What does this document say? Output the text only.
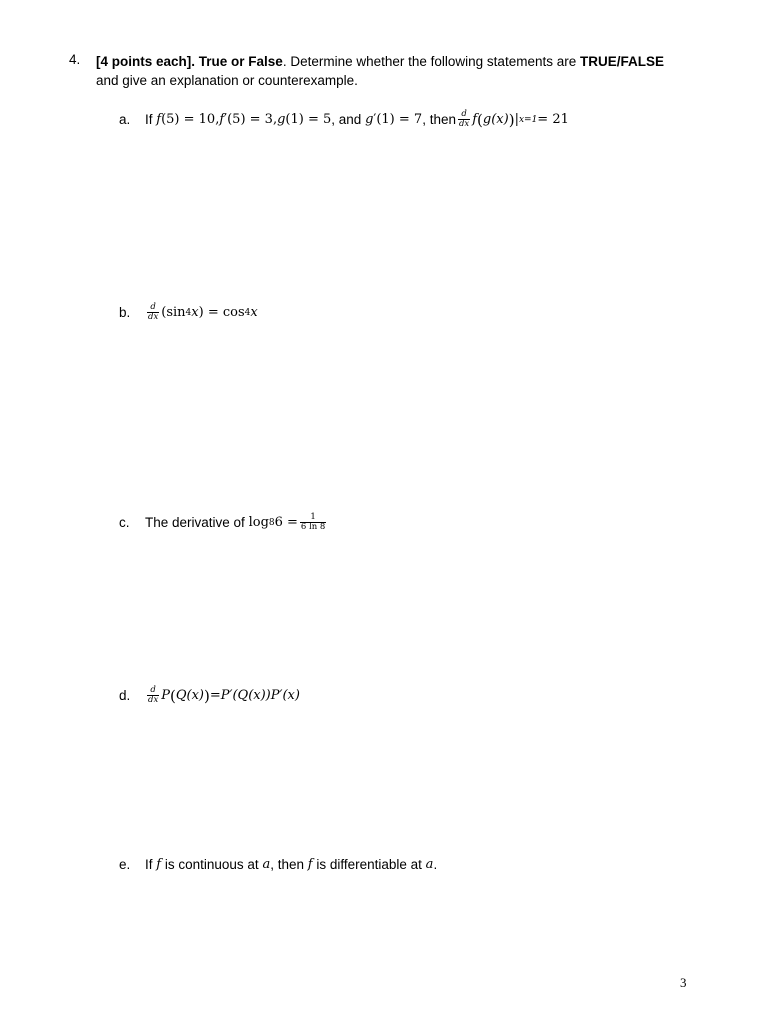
4. [4 points each]. True or False. Determine whether the following statements are TRUE/FALSE
and give an explanation or counterexample.
a.	If
f (5) = 10, f ′(5) = 3, g (1) = 5 , and
g ′(1) = 7 , then $\frac{d}{dx}$ f ( g (x) ) | x=1 = 21
b.	$\frac{d}{dx} (\sin$ 4 x ) = cos 4 x
c.	The derivative of
log 8 $6 = \frac{1}{6 \ln 8}$
d.	$\frac{d}{dx}$ P ( Q(x) ) = P′(Q(x))P′(x)
e.	If
f
is continuous at
a , then
f
is differentiable at
a .
3
